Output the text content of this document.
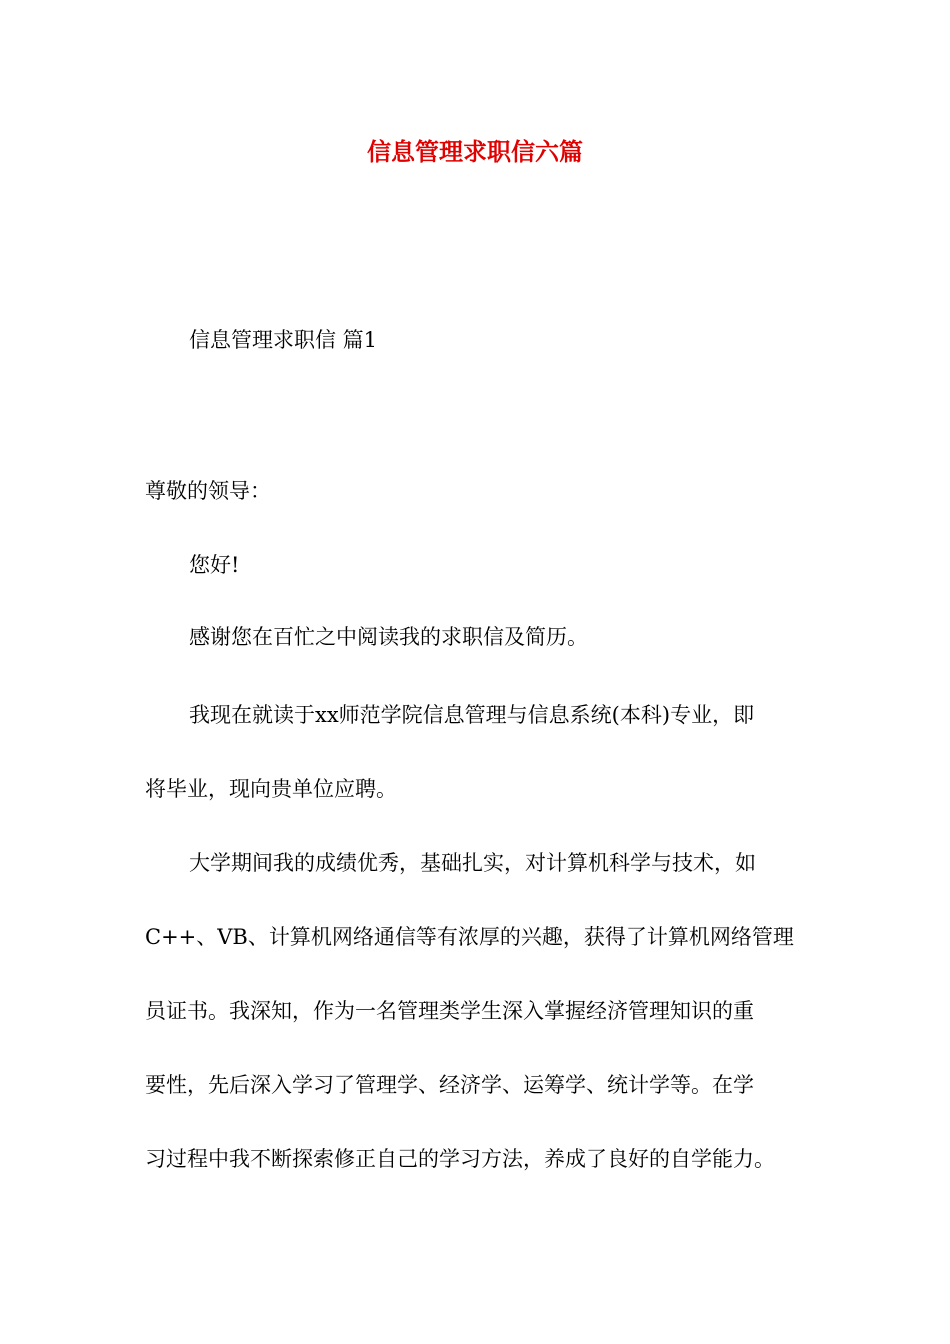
信息管理求职信六篇
信息管理求职信 篇1
尊敬的领导：
您好!
感谢您在百忙之中阅读我的求职信及简历。
我现在就读于xx师范学院信息管理与信息系统(本科)专业，即
将毕业，现向贵单位应聘。
大学期间我的成绩优秀，基础扎实，对计算机科学与技术，如
C++、VB、计算机网络通信等有浓厚的兴趣，获得了计算机网络管理
员证书。我深知，作为一名管理类学生深入掌握经济管理知识的重
要性，先后深入学习了管理学、经济学、运筹学、统计学等。在学
习过程中我不断探索修正自己的学习方法，养成了良好的自学能力。
